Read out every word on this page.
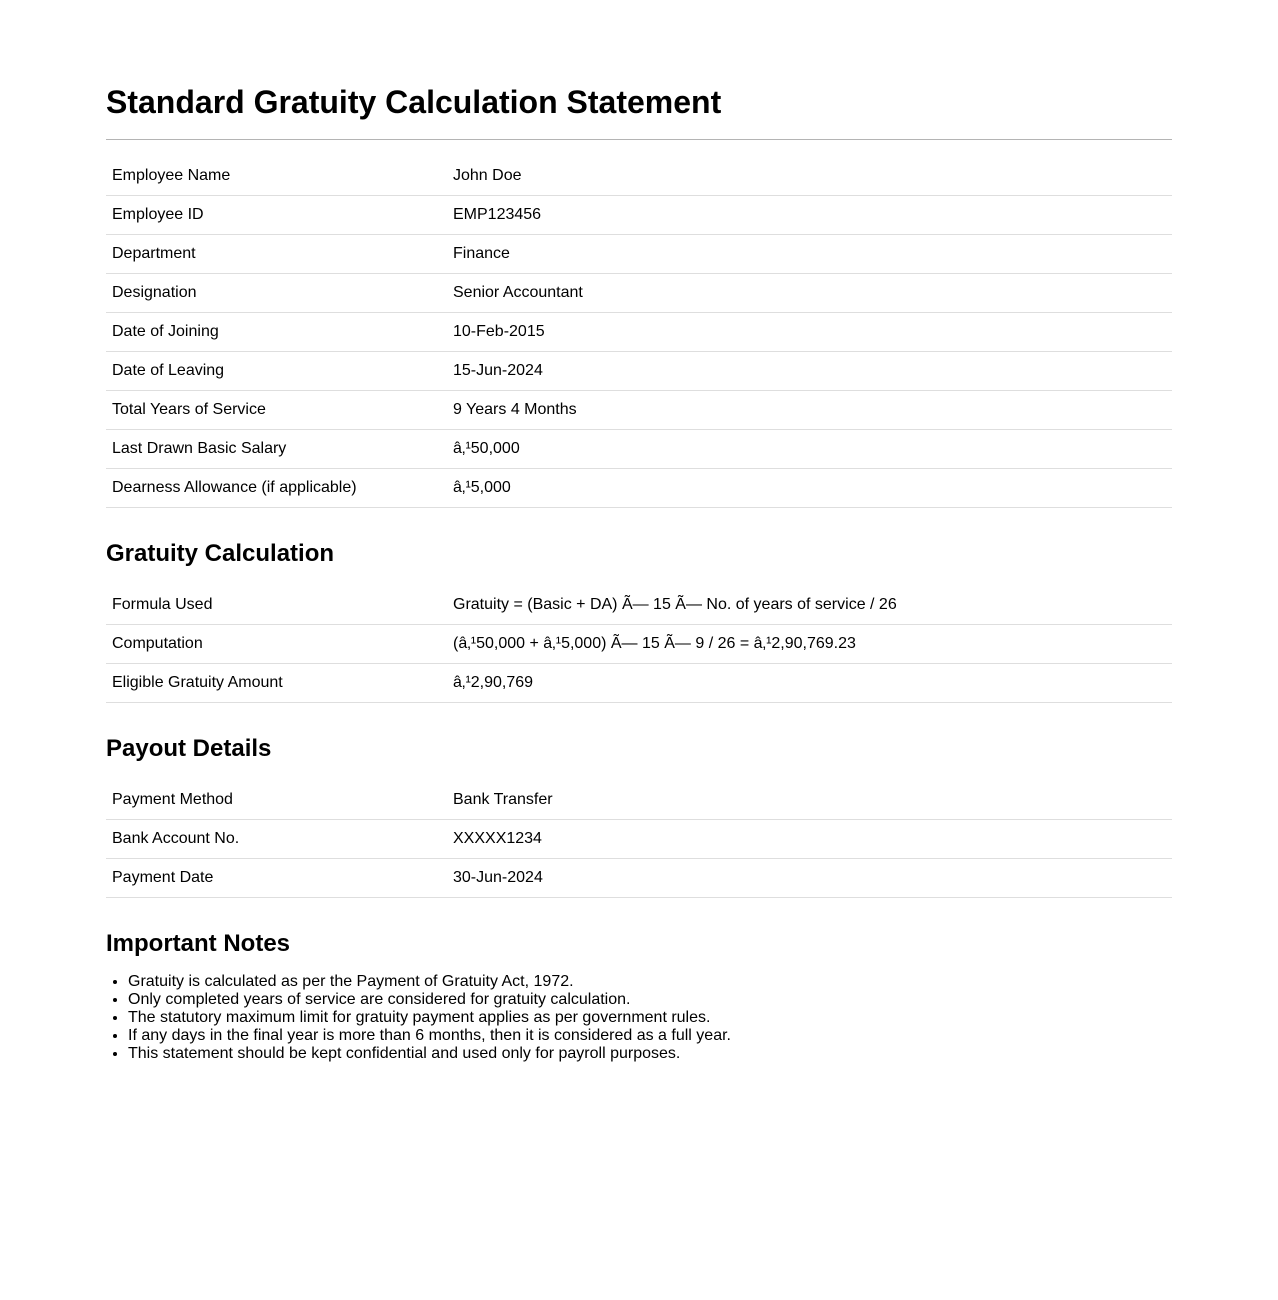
Standard Gratuity Calculation Statement
Employee Name	John Doe
Employee ID	EMP123456
Department	Finance
Designation	Senior Accountant
Date of Joining	10-Feb-2015
Date of Leaving	15-Jun-2024
Total Years of Service	9 Years 4 Months
Last Drawn Basic Salary	â‚¹50,000
Dearness Allowance (if applicable)	â‚¹5,000
Gratuity Calculation
Formula Used	Gratuity = (Basic + DA) Ã— 15 Ã— No. of years of service / 26
Computation	(â‚¹50,000 + â‚¹5,000) Ã— 15 Ã— 9 / 26 = â‚¹2,90,769.23
Eligible Gratuity Amount	â‚¹2,90,769
Payout Details
Payment Method	Bank Transfer
Bank Account No.	XXXXX1234
Payment Date	30-Jun-2024
Important Notes
• Gratuity is calculated as per the Payment of Gratuity Act, 1972.
• Only completed years of service are considered for gratuity calculation.
• The statutory maximum limit for gratuity payment applies as per government rules.
• If any days in the final year is more than 6 months, then it is considered as a full year.
• This statement should be kept confidential and used only for payroll purposes.
